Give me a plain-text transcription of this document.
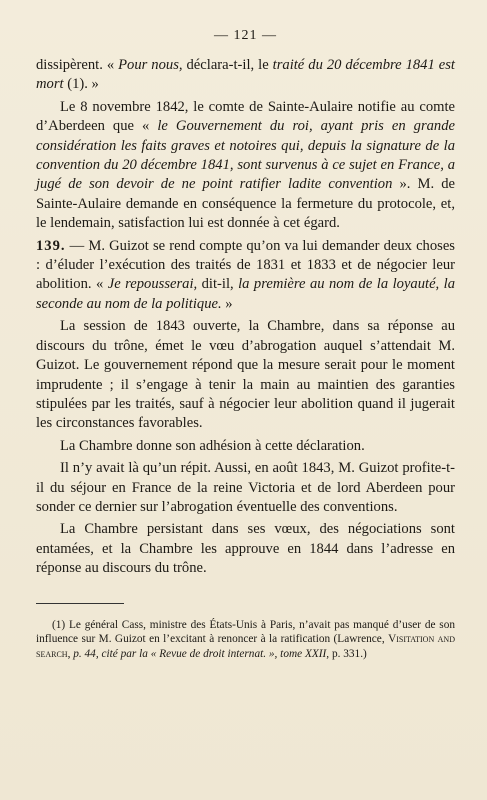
— 121 —

dissipèrent. « Pour nous, déclara-t-il, le traité du 20 décembre 1841 est mort (1). »

Le 8 novembre 1842, le comte de Sainte-Aulaire notifie au comte d’Aberdeen que « le Gouvernement du roi, ayant pris en grande considération les faits graves et notoires qui, depuis la signature de la convention du 20 décembre 1841, sont survenus à ce sujet en France, a jugé de son devoir de ne point ratifier ladite convention ». M. de Sainte-Aulaire demande en conséquence la fermeture du protocole, et, le lendemain, satisfaction lui est donnée à cet égard.

139. — M. Guizot se rend compte qu’on va lui demander deux choses : d’éluder l’exécution des traités de 1831 et 1833 et de négocier leur abolition. « Je repousserai, dit-il, la première au nom de la loyauté, la seconde au nom de la politique. »

La session de 1843 ouverte, la Chambre, dans sa réponse au discours du trône, émet le vœu d’abrogation auquel s’attendait M. Guizot. Le gouvernement répond que la mesure serait pour le moment imprudente ; il s’engage à tenir la main au maintien des garanties stipulées par les traités, sauf à négocier leur abolition quand il jugerait les circonstances favorables.

La Chambre donne son adhésion à cette déclaration.

Il n’y avait là qu’un répit. Aussi, en août 1843, M. Guizot profite-t-il du séjour en France de la reine Victoria et de lord Aberdeen pour sonder ce dernier sur l’abrogation éventuelle des conventions.

La Chambre persistant dans ses vœux, des négociations sont entamées, et la Chambre les approuve en 1844 dans l’adresse en réponse au discours du trône.

(1) Le général Cass, ministre des États-Unis à Paris, n’avait pas manqué d’user de son influence sur M. Guizot en l’excitant à renoncer à la ratification (Lawrence, Visitation and search, p. 44, cité par la « Revue de droit internat. », tome XXII, p. 331.)
